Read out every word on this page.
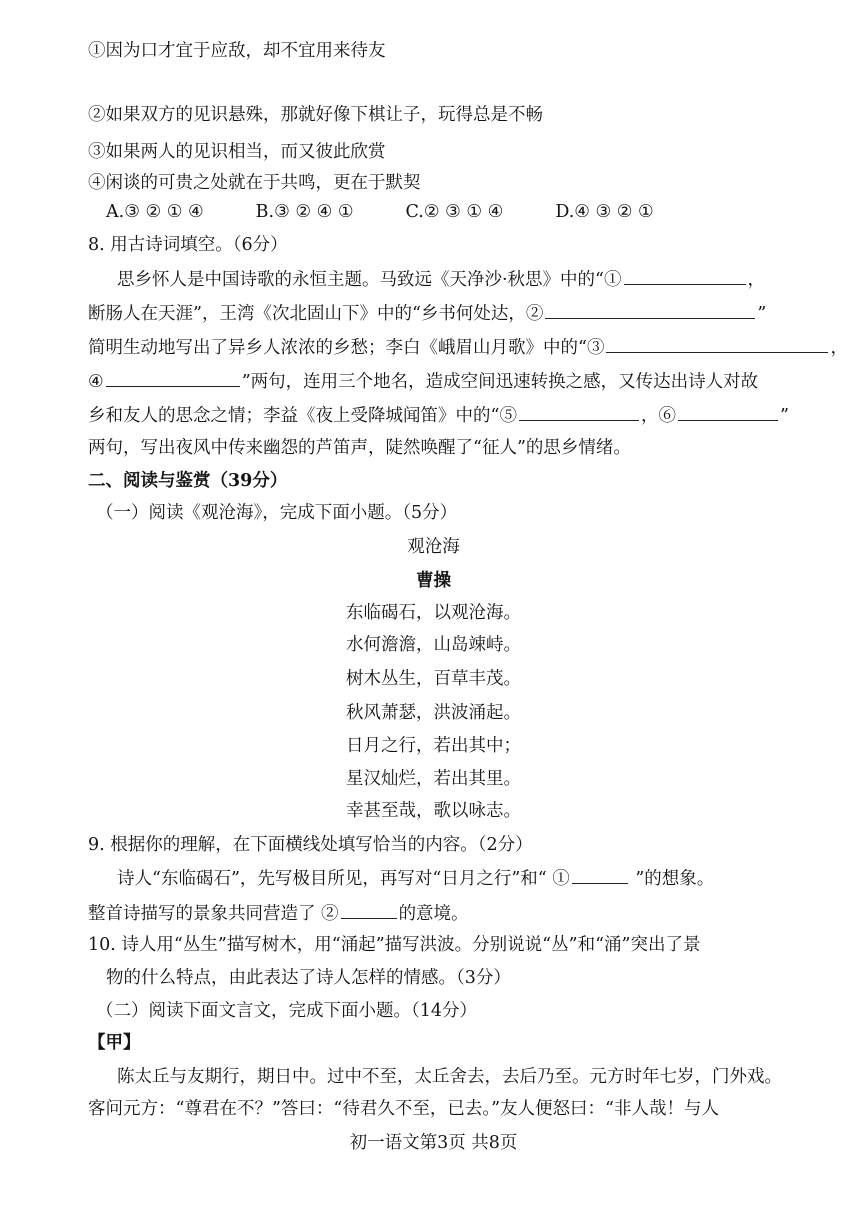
①因为口才宜于应敌，却不宜用来待友
②如果双方的见识悬殊，那就好像下棋让子，玩得总是不畅
③如果两人的见识相当，而又彼此欣赏
④闲谈的可贵之处就在于共鸣，更在于默契
A.③ ② ① ④	B.③ ② ④ ①	C.② ③ ① ④	D.④ ③ ② ①
8. 用古诗词填空。（6分）
思乡怀人是中国诗歌的永恒主题。马致远《天净沙·秋思》中的“①	，
断肠人在天涯”，王湾《次北固山下》中的“乡书何处达，②	”
简明生动地写出了异乡人浓浓的乡愁；李白《峨眉山月歌》中的“③	，
④	”两句，连用三个地名，造成空间迅速转换之感，又传达出诗人对故
乡和友人的思念之情；李益《夜上受降城闻笛》中的“⑤	，⑥	”
两句，写出夜风中传来幽怨的芦笛声，陡然唤醒了“征人”的思乡情绪。
二、阅读与鉴赏（39分）
（一）阅读《观沧海》，完成下面小题。（5分）
观沧海
曹操
东临碣石，以观沧海。
水何澹澹，山岛竦峙。
树木丛生，百草丰茂。
秋风萧瑟，洪波涌起。
日月之行，若出其中；
星汉灿烂，若出其里。
幸甚至哉，歌以咏志。
9. 根据你的理解，在下面横线处填写恰当的内容。（2分）
诗人“东临碣石”，先写极目所见，再写对“日月之行”和“ ①	”的想象。
整首诗描写的景象共同营造了 ②	的意境。
10. 诗人用“丛生”描写树木，用“涌起”描写洪波。分别说说“丛”和“涌”突出了景
物的什么特点，由此表达了诗人怎样的情感。（3分）
（二）阅读下面文言文，完成下面小题。（14分）
【甲】
陈太丘与友期行，期日中。过中不至，太丘舍去，去后乃至。元方时年七岁，门外戏。
客问元方：“尊君在不？”答曰：“待君久不至，已去。”友人便怒曰：“非人哉！与人
初一语文第3页 共8页
